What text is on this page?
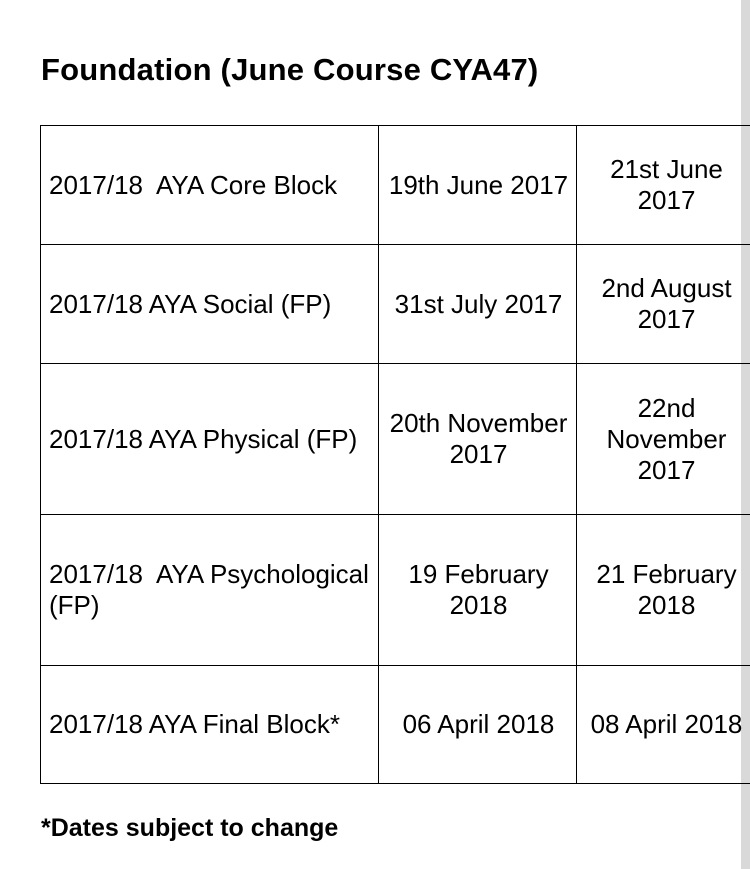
Foundation (June Course CYA47)
2017/18  AYA Core Block	19th June 2017	21st June 2017

2017/18 AYA Social (FP)	31st July 2017	2nd August 2017

2017/18 AYA Physical (FP)	20th November 2017	22nd November 2017

2017/18  AYA Psychological (FP)	19 February 2018	21 February 2018

2017/18 AYA Final Block*	06 April 2018	08 April 2018

*Dates subject to change
